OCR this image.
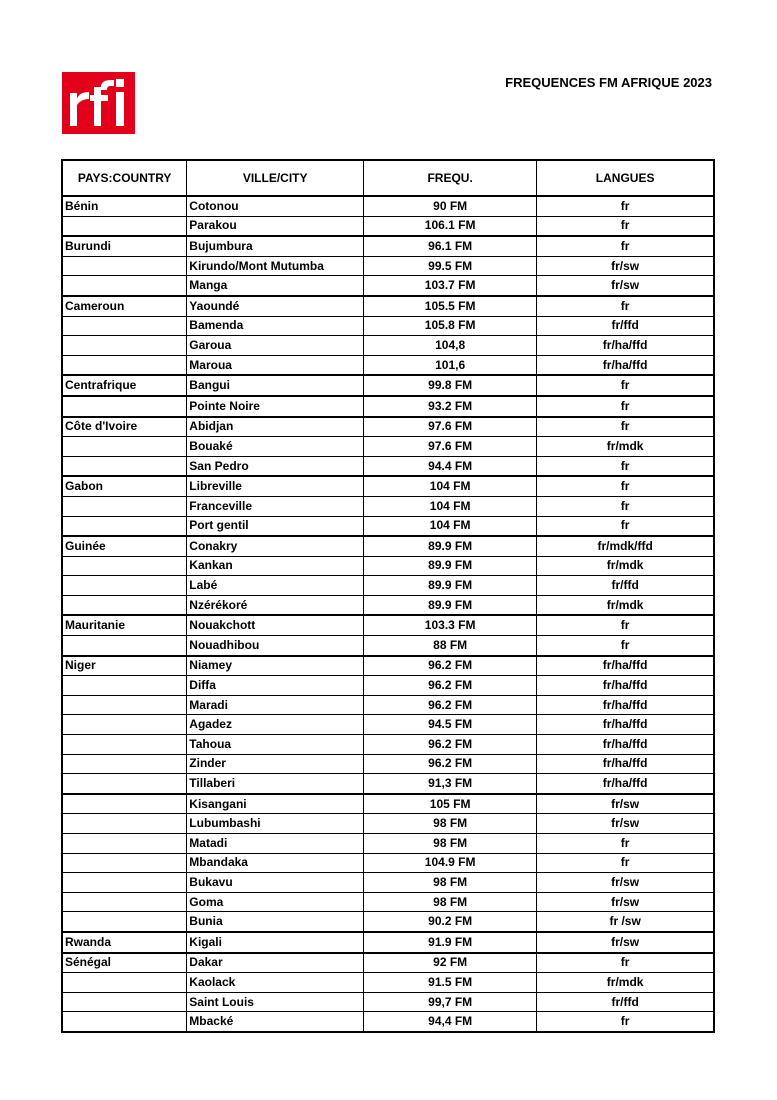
FREQUENCES FM AFRIQUE 2023
PAYS:COUNTRY	VILLE/CITY	FREQU.	LANGUES
Bénin	Cotonou	90 FM	fr
	Parakou	106.1 FM	fr
Burundi	Bujumbura	96.1 FM	fr
	Kirundo/Mont Mutumba	99.5 FM	fr/sw
	Manga	103.7 FM	fr/sw
Cameroun	Yaoundé	105.5 FM	fr
	Bamenda	105.8 FM	fr/ffd
	Garoua	104,8	fr/ha/ffd
	Maroua	101,6	fr/ha/ffd
Centrafrique	Bangui	99.8 FM	fr
	Pointe Noire	93.2 FM	fr
Côte d'Ivoire	Abidjan	97.6 FM	fr
	Bouaké	97.6 FM	fr/mdk
	San Pedro	94.4 FM	fr
Gabon	Libreville	104 FM	fr
	Franceville	104 FM	fr
	Port gentil	104 FM	fr
Guinée	Conakry	89.9 FM	fr/mdk/ffd
	Kankan	89.9 FM	fr/mdk
	Labé	89.9 FM	fr/ffd
	Nzérékoré	89.9 FM	fr/mdk
Mauritanie	Nouakchott	103.3 FM	fr
	Nouadhibou	88 FM	fr
Niger	Niamey	96.2 FM	fr/ha/ffd
	Diffa	96.2 FM	fr/ha/ffd
	Maradi	96.2 FM	fr/ha/ffd
	Agadez	94.5 FM	fr/ha/ffd
	Tahoua	96.2 FM	fr/ha/ffd
	Zinder	96.2 FM	fr/ha/ffd
	Tillaberi	91,3 FM	fr/ha/ffd
	Kisangani	105 FM	fr/sw
	Lubumbashi	98 FM	fr/sw
	Matadi	98 FM	fr
	Mbandaka	104.9 FM	fr
	Bukavu	98 FM	fr/sw
	Goma	98 FM	fr/sw
	Bunia	90.2 FM	fr /sw
Rwanda	Kigali	91.9 FM	fr/sw
Sénégal	Dakar	92 FM	fr
	Kaolack	91.5 FM	fr/mdk
	Saint Louis	99,7 FM	fr/ffd
	Mbacké	94,4 FM	fr
